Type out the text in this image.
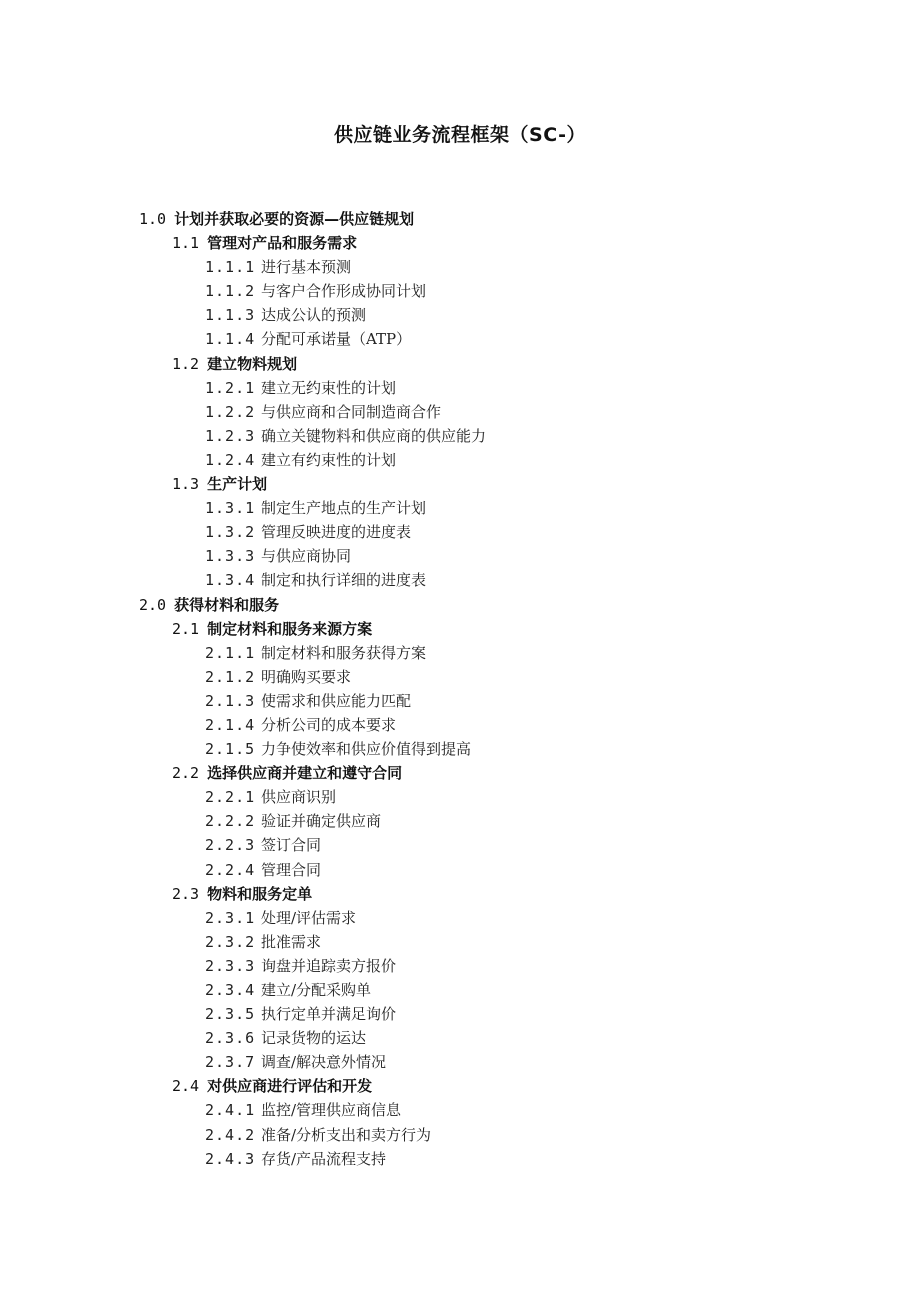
供应链业务流程框架（SC-）
1.0 计划并获取必要的资源—供应链规划
1.1 管理对产品和服务需求
1.1.1 进行基本预测
1.1.2 与客户合作形成协同计划
1.1.3 达成公认的预测
1.1.4 分配可承诺量（ATP）
1.2 建立物料规划
1.2.1 建立无约束性的计划
1.2.2 与供应商和合同制造商合作
1.2.3 确立关键物料和供应商的供应能力
1.2.4 建立有约束性的计划
1.3 生产计划
1.3.1 制定生产地点的生产计划
1.3.2 管理反映进度的进度表
1.3.3 与供应商协同
1.3.4 制定和执行详细的进度表
2.0 获得材料和服务
2.1 制定材料和服务来源方案
2.1.1 制定材料和服务获得方案
2.1.2 明确购买要求
2.1.3 使需求和供应能力匹配
2.1.4 分析公司的成本要求
2.1.5 力争使效率和供应价值得到提高
2.2 选择供应商并建立和遵守合同
2.2.1 供应商识别
2.2.2 验证并确定供应商
2.2.3 签订合同
2.2.4 管理合同
2.3 物料和服务定单
2.3.1 处理/评估需求
2.3.2 批准需求
2.3.3 询盘并追踪卖方报价
2.3.4 建立/分配采购单
2.3.5 执行定单并满足询价
2.3.6 记录货物的运达
2.3.7 调查/解决意外情况
2.4 对供应商进行评估和开发
2.4.1 监控/管理供应商信息
2.4.2 准备/分析支出和卖方行为
2.4.3 存货/产品流程支持
